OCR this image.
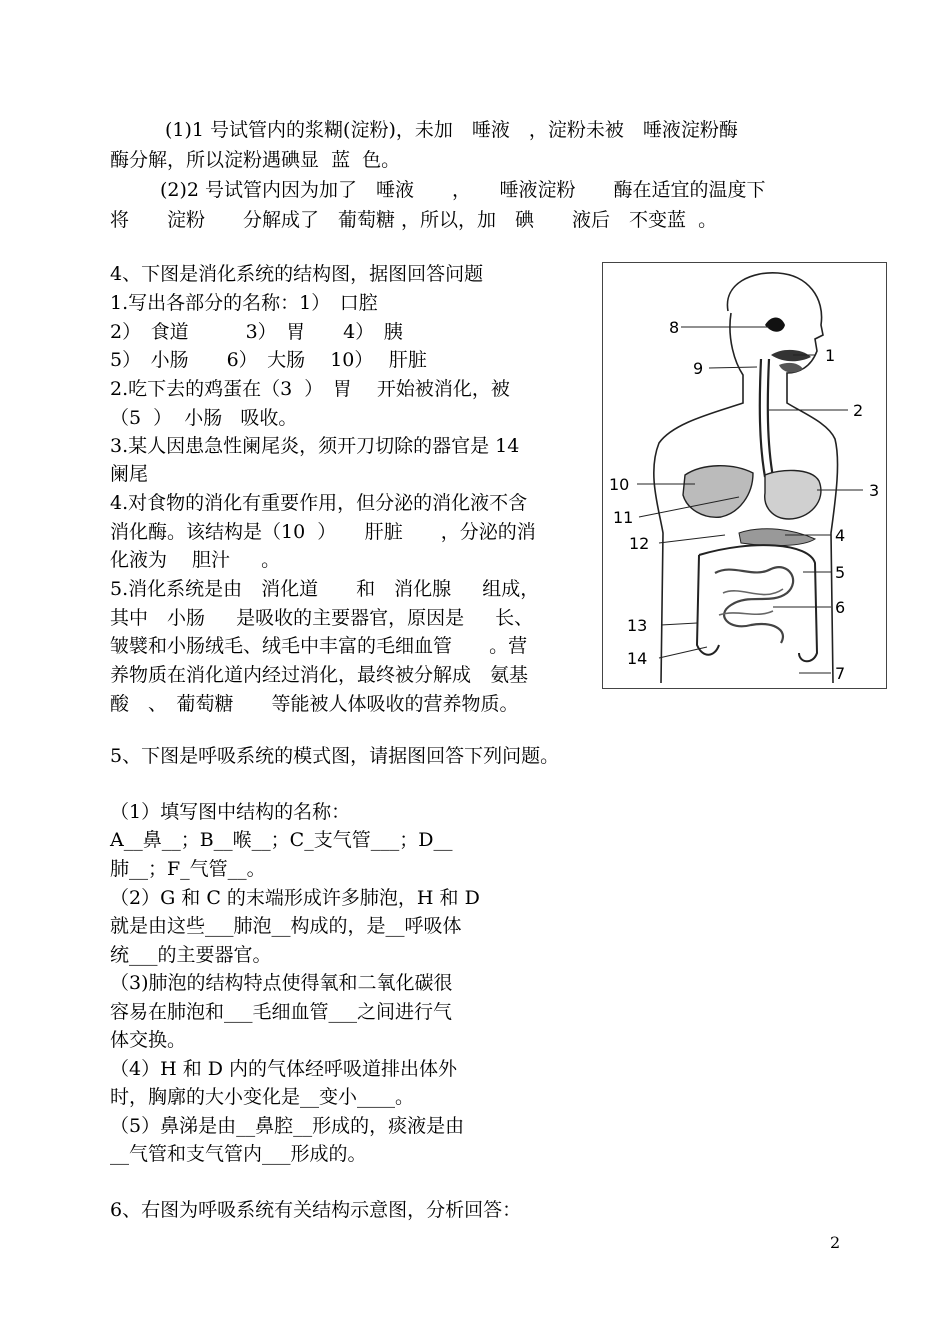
(1)1 号试管内的浆糊(淀粉)，未加　唾液　，淀粉未被　唾液淀粉酶
酶分解，所以淀粉遇碘显  蓝  色。
(2)2 号试管内因为加了　唾液　　，　　唾液淀粉　　酶在适宜的温度下
将　　淀粉　　分解成了　葡萄糖 ，所以，加　碘　　液后　不变蓝  。
4、下图是消化系统的结构图，据图回答问题
1.写出各部分的名称：1）　口腔
2）　食道　　　3）　胃　　4）　胰
5）　小肠　　6）　大肠　 10）　 肝脏
2.吃下去的鸡蛋在（3  ）　胃　 开始被消化，被
（5  ）  小肠   吸收。
3.某人因患急性阑尾炎，须开刀切除的器官是 14
阑尾
4.对食物的消化有重要作用，但分泌的消化液不含
消化酶。该结构是（10  ）　　肝脏　　，分泌的消
化液为　 胆汁　  。
5.消化系统是由　消化道　　和　消化腺　  组成，
其中　小肠　  是吸收的主要器官，原因是　  长、
皱襞和小肠绒毛、绒毛中丰富的毛细血管　   。营
养物质在消化道内经过消化，最终被分解成　氨基
酸　、　葡萄糖　　等能被人体吸收的营养物质。
8
1
9
2
10	3
11
4
12
5
6
13
14
7
5、下图是呼吸系统的模式图，请据图回答下列问题。
（1）填写图中结构的名称：
A__鼻__；B__喉__；C_支气管___；D__
肺__；F_气管__。
（2）G 和 C 的末端形成许多肺泡，H 和 D
就是由这些___肺泡__构成的，是__呼吸体
统___的主要器官。
（3)肺泡的结构特点使得氧和二氧化碳很
容易在肺泡和___毛细血管___之间进行气
体交换。
（4）H 和 D 内的气体经呼吸道排出体外
时，胸廓的大小变化是__变小____。
（5）鼻涕是由__鼻腔__形成的，痰液是由
__气管和支气管内___形成的。
6、右图为呼吸系统有关结构示意图，分析回答：
2
